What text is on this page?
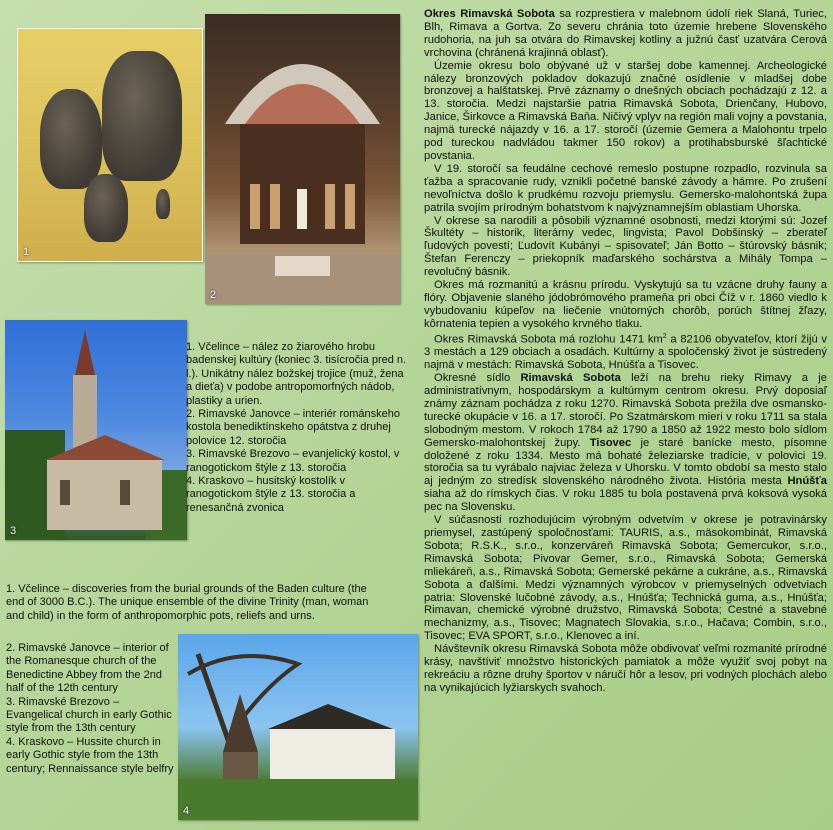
1
2
3
4

1. Včelince – nález zo žiarového hrobu badenskej kultúry (koniec 3. tisícročia pred n. l.). Unikátny nález božskej trojice (muž, žena a dieťa) v podobe antropomorfných nádob, plastiky a urien.

2. Rimavské Janovce – interiér románskeho kostola benediktínskeho opátstva z druhej polovice 12. storočia

3. Rimavské Brezovo – evanjelický kostol, v ranogotickom štýle z 13. storočia

4. Kraskovo – husitský kostolík v ranogotickom štýle z 13. storočia a renesančná zvonica

1. Včelince – discoveries from the burial grounds of the Baden culture (the end of 3000 B.C.). The unique ensemble of the divine Trinity (man, woman and child) in the form of anthropomorphic pots, reliefs and urns.

2. Rimavské Janovce – interior of the Romanesque church of the Benedictine Abbey from the 2nd half of the 12th century

3. Rimavské Brezovo – Evangelical church in early Gothic style from the 13th century

4. Kraskovo – Hussite church in early Gothic style from the 13th century; Rennaissance style belfry

Okres Rimavská Sobota sa rozprestiera v malebnom údolí riek Slaná, Turiec, Blh, Rimava a Gortva. Zo severu chránia toto územie hrebene Slovenského rudohoria, na juh sa otvára do Rimavskej kotliny a južnú časť uzatvára Cerová vrchovina (chránená krajinná oblasť).

Územie okresu bolo obývané už v staršej dobe kamennej. Archeologické nálezy bronzových pokladov dokazujú značné osídlenie v mladšej dobe bronzovej a halštatskej. Prvé záznamy o dnešných obciach pochádzajú z 12. a 13. storočia. Medzi najstaršie patria Rimavská Sobota, Drienčany, Hubovo, Janice, Širkovce a Rimavská Baňa. Ničivý vplyv na región mali vojny a povstania, najmä turecké nájazdy v 16. a 17. storočí (územie Gemera a Malohontu trpelo pod tureckou nadvládou takmer 150 rokov) a protihabsburské šľachtické povstania.

V 19. storočí sa feudálne cechové remeslo postupne rozpadlo, rozvinula sa ťažba a spracovanie rudy, vznikli početné banské závody a hámre. Po zrušení nevoľníctva došlo k prudkému rozvoju priemyslu. Gemersko-malohontská župa patrila svojím prírodným bohatstvom k najvýznamnejším oblastiam Uhorska.

V okrese sa narodili a pôsobili významné osobnosti, medzi ktorými sú: Jozef Škultéty – historik, literárny vedec, lingvista; Pavol Dobšinský – zberateľ ľudových povestí; Ľudovít Kubányi – spisovateľ; Ján Botto – štúrovský básnik; Štefan Ferenczy – priekopník maďarského sochárstva a Mihály Tompa – revolučný básnik.

Okres má rozmanitú a krásnu prírodu. Vyskytujú sa tu vzácne druhy fauny a flóry. Objavenie slaného jódobrómového prameňa pri obci Číž v r. 1860 viedlo k vybudovaniu kúpeľov na liečenie vnútorných chorôb, porúch štítnej žľazy, kôrnatenia tepien a vysokého krvného tlaku.

Okres Rimavská Sobota má rozlohu 1471 $km^2$ a 82106 obyvateľov, ktorí žijú v 3 mestách a 129 obciach a osadách. Kultúrny a spoločenský život je sústredený najmä v mestách: Rimavská Sobota, Hnúšťa a Tisovec.

Okresné sídlo Rimavská Sobota leží na brehu rieky Rimavy a je administratívnym, hospodárskym a kultúrnym centrom okresu. Prvý doposiaľ známy záznam pochádza z roku 1270. Rimavská Sobota prežila dve osmansko-turecké okupácie v 16. a 17. storočí. Po Szatmárskom mieri v roku 1711 sa stala slobodným mestom. V rokoch 1784 až 1790 a 1850 až 1922 mesto bolo sídlom Gemersko-malohontskej župy. Tisovec je staré banícke mesto, písomne doložené z roku 1334. Mesto má bohaté železiarske tradície, v polovici 19. storočia sa tu vyrábalo najviac železa v Uhorsku. V tomto období sa mesto stalo aj jedným zo stredísk slovenského národného života. História mesta Hnúšťa siaha až do rímskych čias. V roku 1885 tu bola postavená prvá koksová vysoká pec na Slovensku.

V súčasnosti rozhodujúcim výrobným odvetvím v okrese je potravinársky priemysel, zastúpený spoločnosťami: TAURIS, a.s., mäsokombinát, Rimavská Sobota; R.S.K., s.r.o., konzerváreň Rimavská Sobota; Gemercukor, s.r.o., Rimavská Sobota; Pivovar Gemer, s.r.o., Rimavská Sobota; Gemerská mliekáreň, a.s., Rimavská Sobota; Gemerské pekárne a cukráne, a.s., Rimavská Sobota a ďalšími. Medzi významných výrobcov v priemyselných odvetviach patria: Slovenské lučobné závody, a.s., Hnúšťa; Technická guma, a.s., Hnúšťa; Rimavan, chemické výrobné družstvo, Rimavská Sobota; Cestné a stavebné mechanizmy, a.s., Tisovec; Magnatech Slovakia, s.r.o., Hačava; Combin, s.r.o., Tisovec; EVA SPORT, s.r.o., Klenovec a iní.

Návštevník okresu Rimavská Sobota môže obdivovať veľmi rozmanité prírodné krásy, navštíviť množstvo historických pamiatok a môže využiť svoj pobyt na rekreáciu a rôzne druhy športov v náručí hôr a lesov, pri vodných plochách alebo na vynikajúcich lyžiarskych svahoch.
